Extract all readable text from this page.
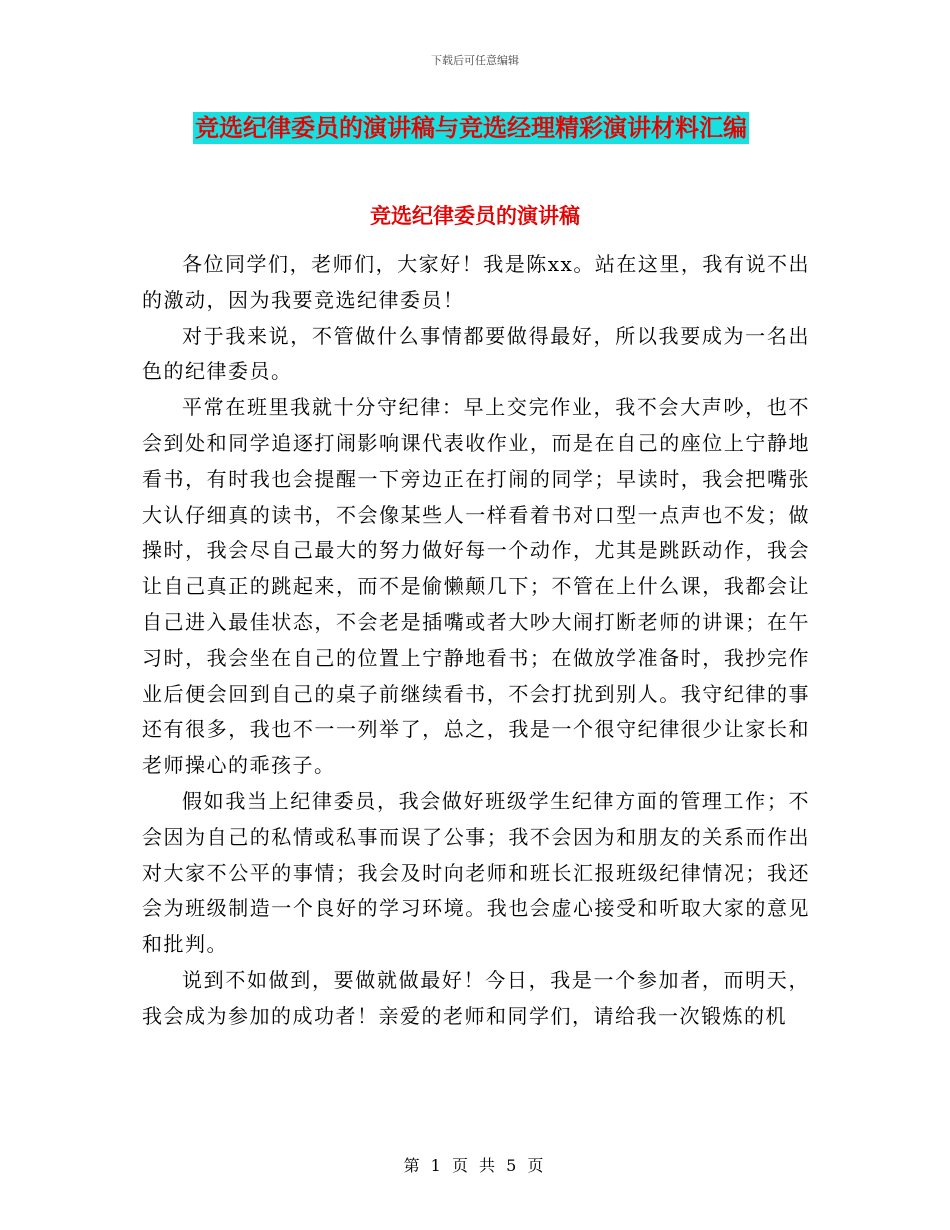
下载后可任意编辑
竞选纪律委员的演讲稿与竞选经理精彩演讲材料汇编
竞选纪律委员的演讲稿

各位同学们，老师们，大家好！我是陈xx。站在这里，我有说不出的激动，因为我要竞选纪律委员！

对于我来说，不管做什么事情都要做得最好，所以我要成为一名出色的纪律委员。

平常在班里我就十分守纪律：早上交完作业，我不会大声吵，也不会到处和同学追逐打闹影响课代表收作业，而是在自己的座位上宁静地看书，有时我也会提醒一下旁边正在打闹的同学；早读时，我会把嘴张大认仔细真的读书，不会像某些人一样看着书对口型一点声也不发；做操时，我会尽自己最大的努力做好每一个动作，尤其是跳跃动作，我会让自己真正的跳起来，而不是偷懒颠几下；不管在上什么课，我都会让自己进入最佳状态，不会老是插嘴或者大吵大闹打断老师的讲课；在午习时，我会坐在自己的位置上宁静地看书；在做放学准备时，我抄完作业后便会回到自己的桌子前继续看书，不会打扰到别人。我守纪律的事还有很多，我也不一一列举了，总之，我是一个很守纪律很少让家长和老师操心的乖孩子。

假如我当上纪律委员，我会做好班级学生纪律方面的管理工作；不会因为自己的私情或私事而误了公事；我不会因为和朋友的关系而作出对大家不公平的事情；我会及时向老师和班长汇报班级纪律情况；我还会为班级制造一个良好的学习环境。我也会虚心接受和听取大家的意见和批判。

说到不如做到，要做就做最好！今日，我是一个参加者，而明天，我会成为参加的成功者！亲爱的老师和同学们，请给我一次锻炼的机

第 1 页 共 5 页
